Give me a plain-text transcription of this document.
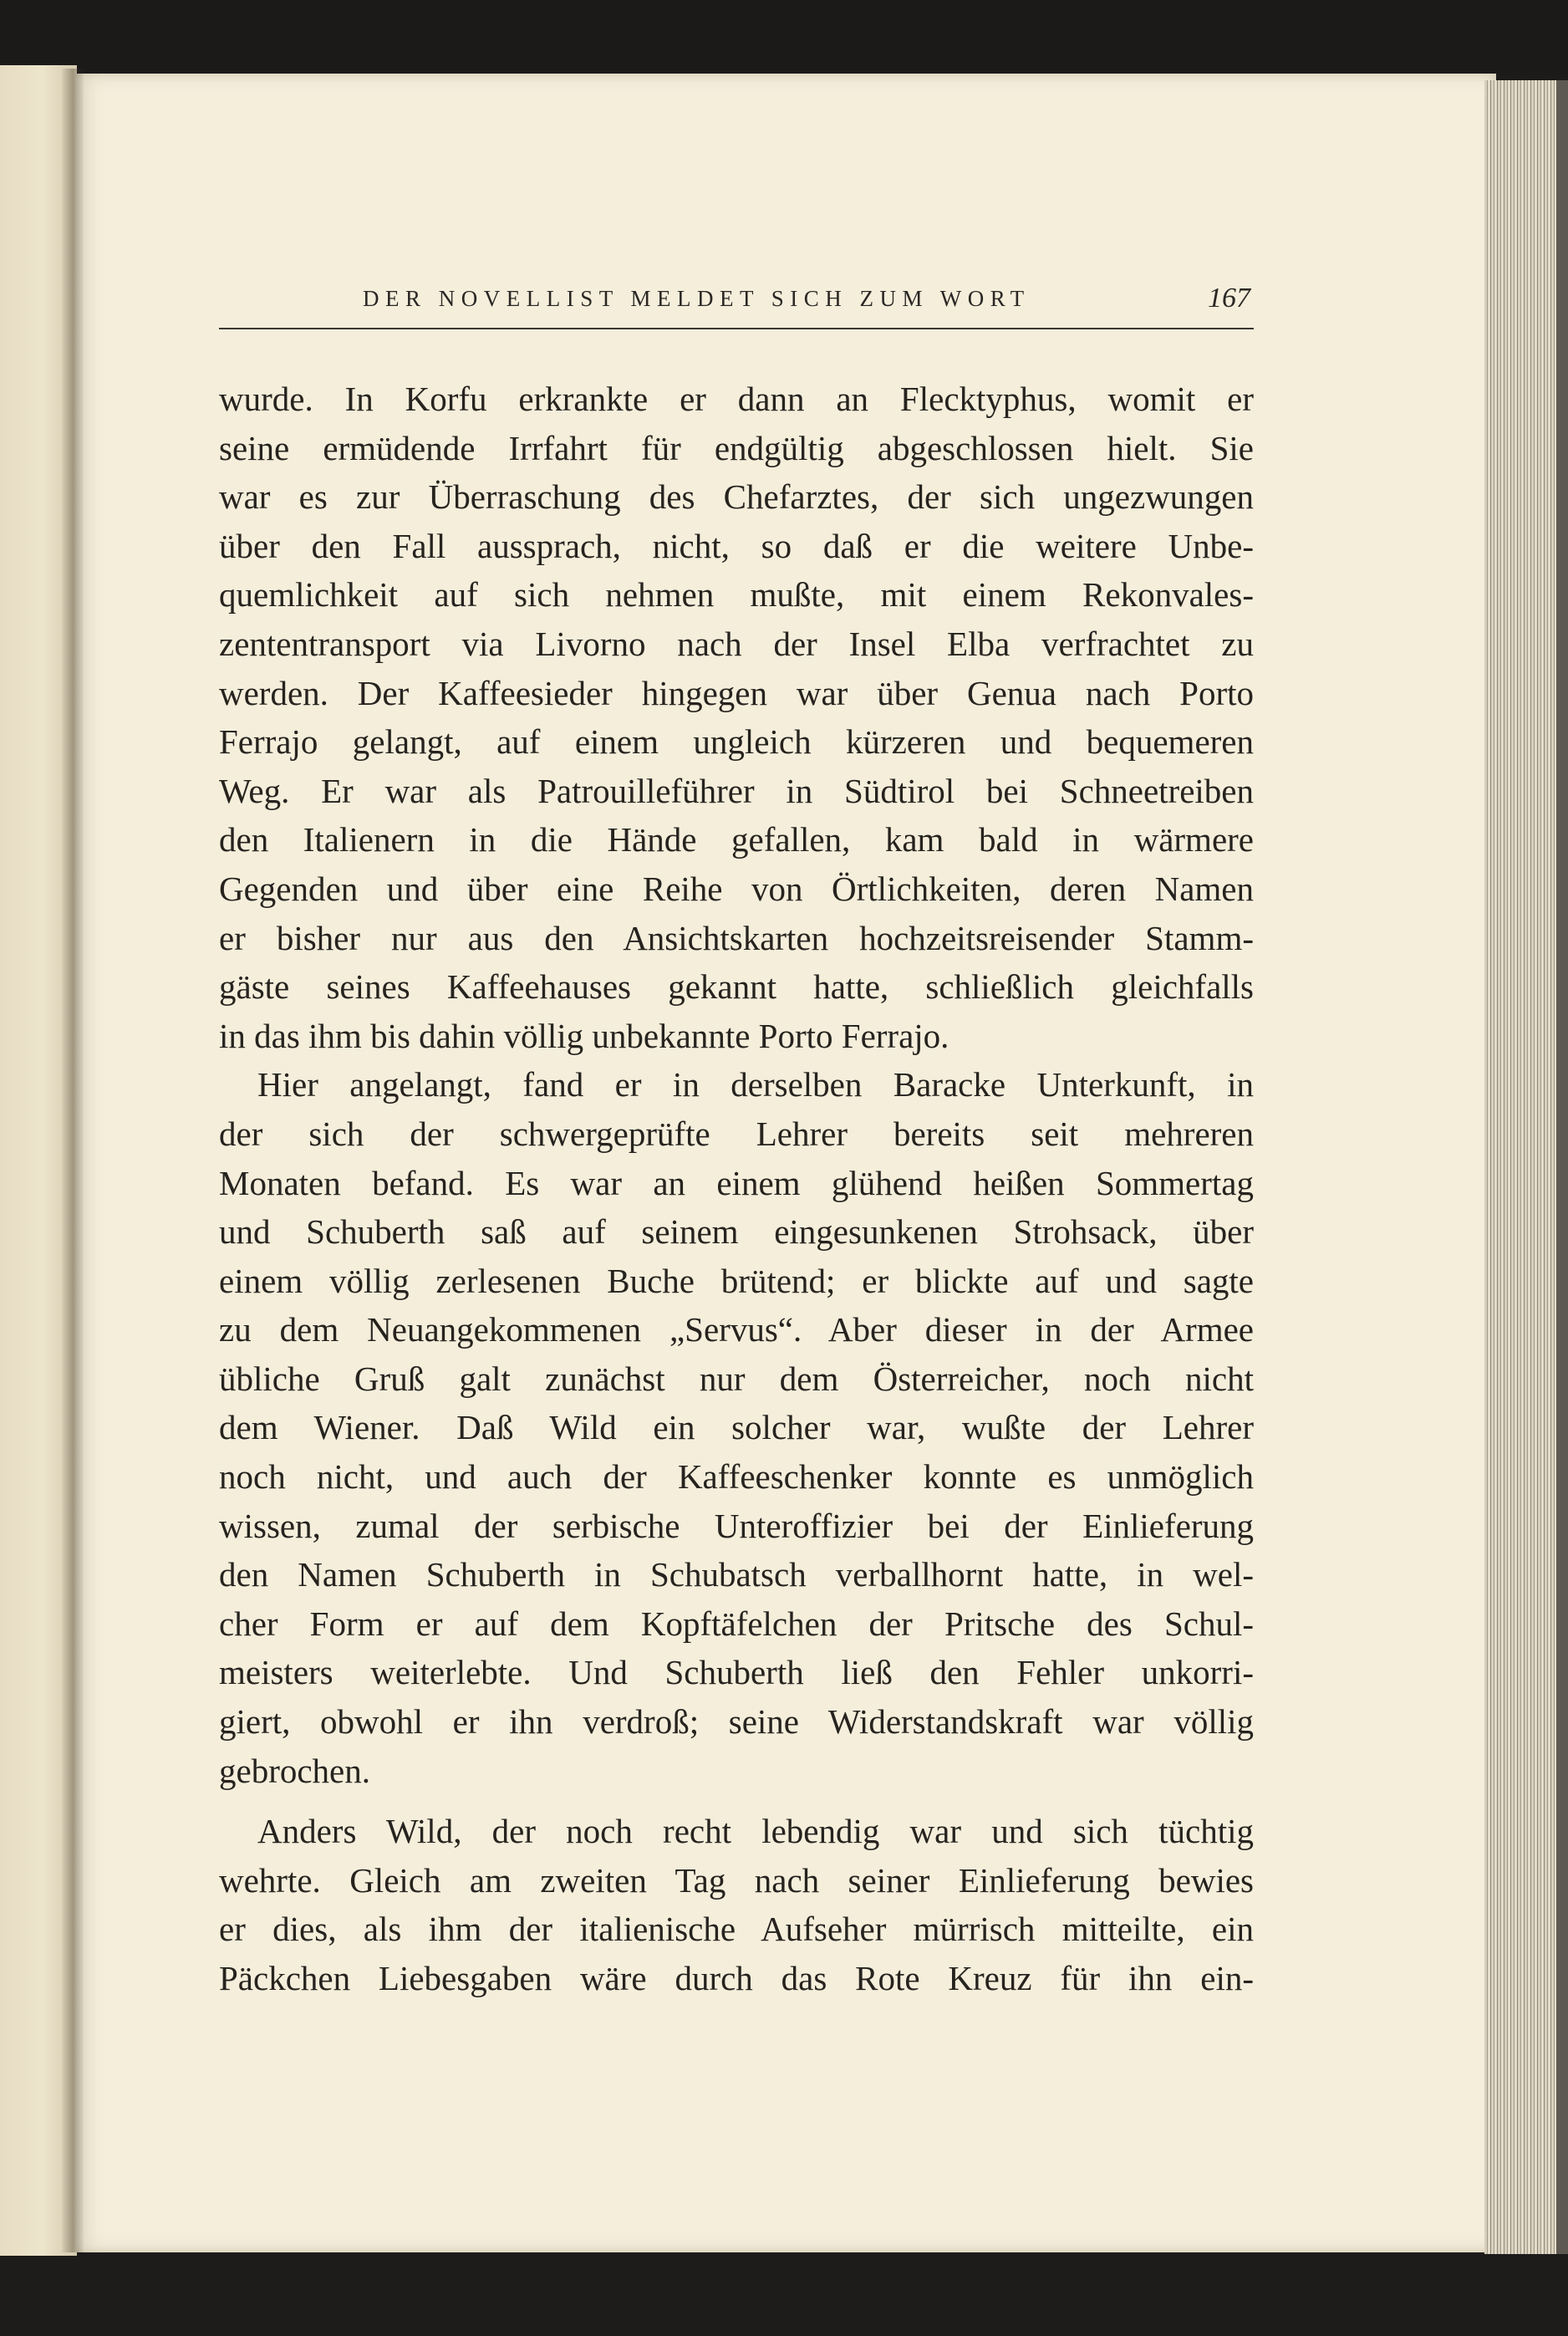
DER NOVELLIST MELDET SICH ZUM WORT	167
wurde. In Korfu erkrankte er dann an Flecktyphus, womit er
seine ermüdende Irrfahrt für endgültig abgeschlossen hielt. Sie
war es zur Überraschung des Chefarztes, der sich ungezwungen
über den Fall aussprach, nicht, so daß er die weitere Unbe-
quemlichkeit auf sich nehmen mußte, mit einem Rekonvales-
zententransport via Livorno nach der Insel Elba verfrachtet zu
werden. Der Kaffeesieder hingegen war über Genua nach Porto
Ferrajo gelangt, auf einem ungleich kürzeren und bequemeren
Weg. Er war als Patrouilleführer in Südtirol bei Schneetreiben
den Italienern in die Hände gefallen, kam bald in wärmere
Gegenden und über eine Reihe von Örtlichkeiten, deren Namen
er bisher nur aus den Ansichtskarten hochzeitsreisender Stamm-
gäste seines Kaffeehauses gekannt hatte, schließlich gleichfalls
in das ihm bis dahin völlig unbekannte Porto Ferrajo.
Hier angelangt, fand er in derselben Baracke Unterkunft, in
der sich der schwergeprüfte Lehrer bereits seit mehreren
Monaten befand. Es war an einem glühend heißen Sommertag
und Schuberth saß auf seinem eingesunkenen Strohsack, über
einem völlig zerlesenen Buche brütend; er blickte auf und sagte
zu dem Neuangekommenen „Servus“. Aber dieser in der Armee
übliche Gruß galt zunächst nur dem Österreicher, noch nicht
dem Wiener. Daß Wild ein solcher war, wußte der Lehrer
noch nicht, und auch der Kaffeeschenker konnte es unmöglich
wissen, zumal der serbische Unteroffizier bei der Einlieferung
den Namen Schuberth in Schubatsch verballhornt hatte, in wel-
cher Form er auf dem Kopftäfelchen der Pritsche des Schul-
meisters weiterlebte. Und Schuberth ließ den Fehler unkorri-
giert, obwohl er ihn verdroß; seine Widerstandskraft war völlig
gebrochen.
Anders Wild, der noch recht lebendig war und sich tüchtig
wehrte. Gleich am zweiten Tag nach seiner Einlieferung bewies
er dies, als ihm der italienische Aufseher mürrisch mitteilte, ein
Päckchen Liebesgaben wäre durch das Rote Kreuz für ihn ein-
